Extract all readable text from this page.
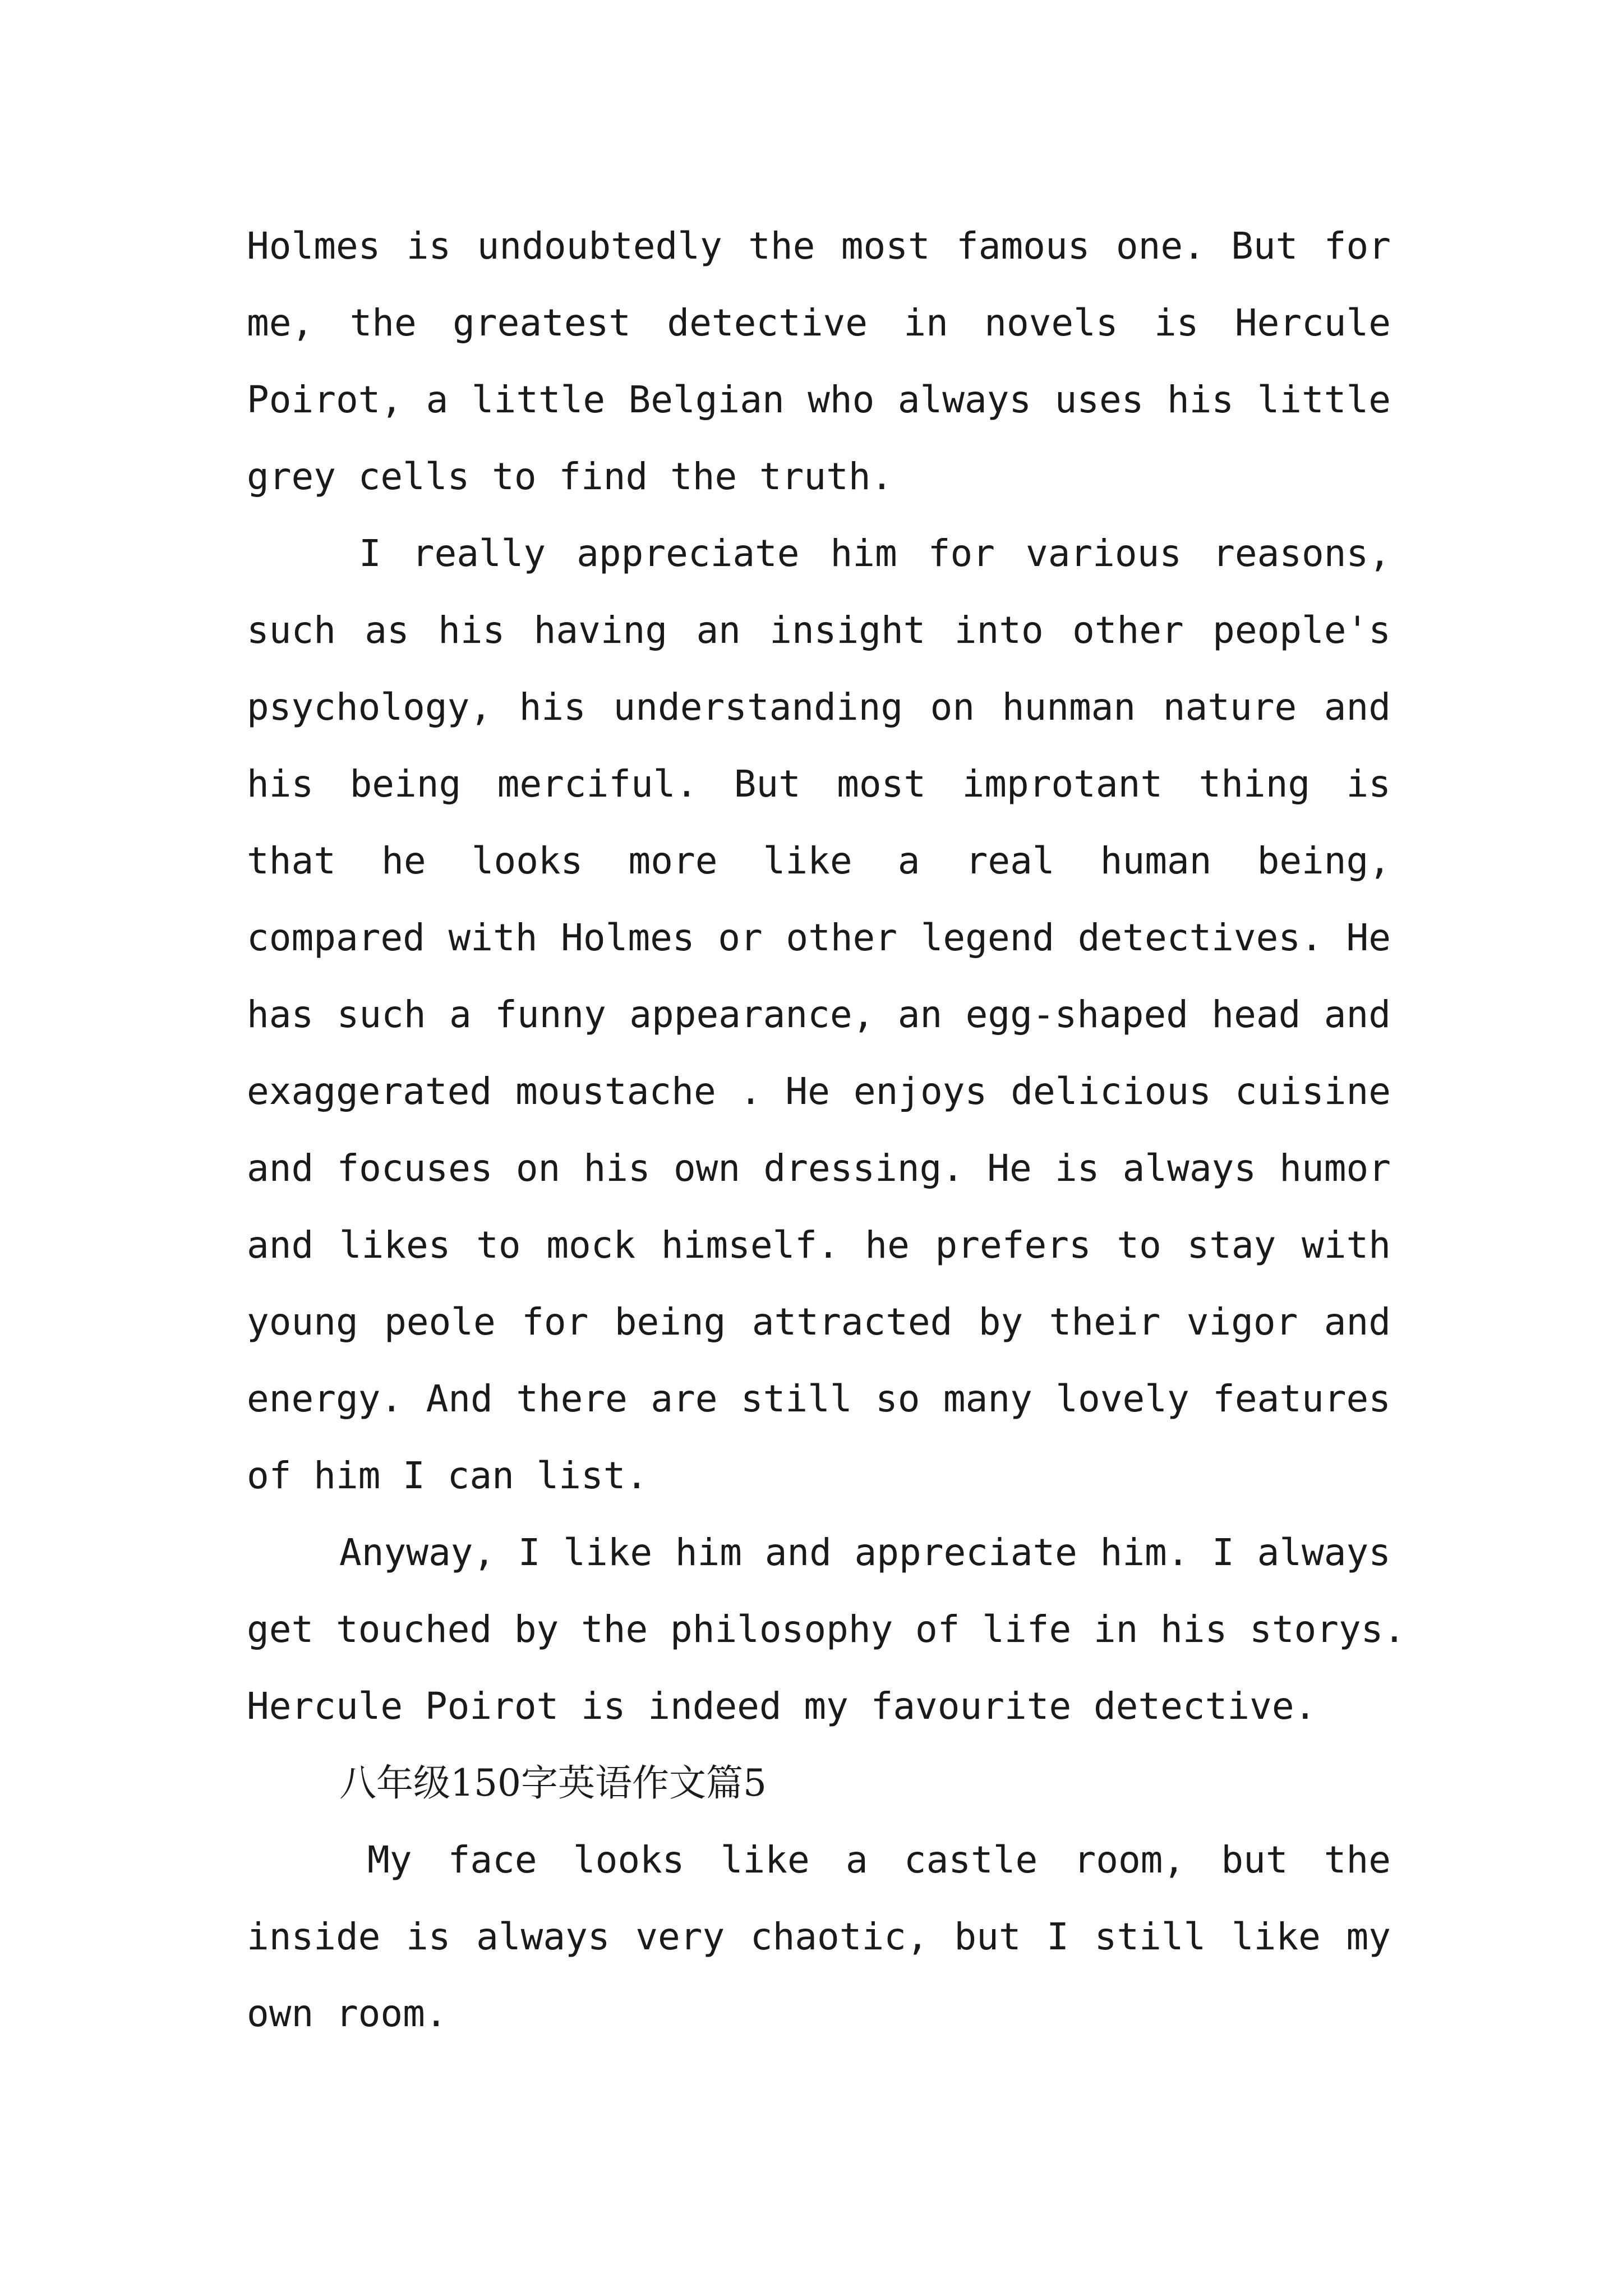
Holmes is undoubtedly the most famous one. But for
me, the greatest detective in novels is Hercule
Poirot, a little Belgian who always uses his little
grey cells to find the truth.
I really appreciate him for various reasons,
such as his having an insight into other people's
psychology, his understanding on hunman nature and
his being merciful. But most improtant thing is
that he looks more like a real human being,
compared with Holmes or other legend detectives. He
has such a funny appearance, an egg-shaped head and
exaggerated moustache . He enjoys delicious cuisine
and focuses on his own dressing. He is always humor
and likes to mock himself. he prefers to stay with
young peole for being attracted by their vigor and
energy. And there are still so many lovely features
of him I can list.
Anyway, I like him and appreciate him. I always
get touched by the philosophy of life in his storys.
Hercule Poirot is indeed my favourite detective.
八年级150字英语作文篇5
My face looks like a castle room, but the
inside is always very chaotic, but I still like my
own room.
